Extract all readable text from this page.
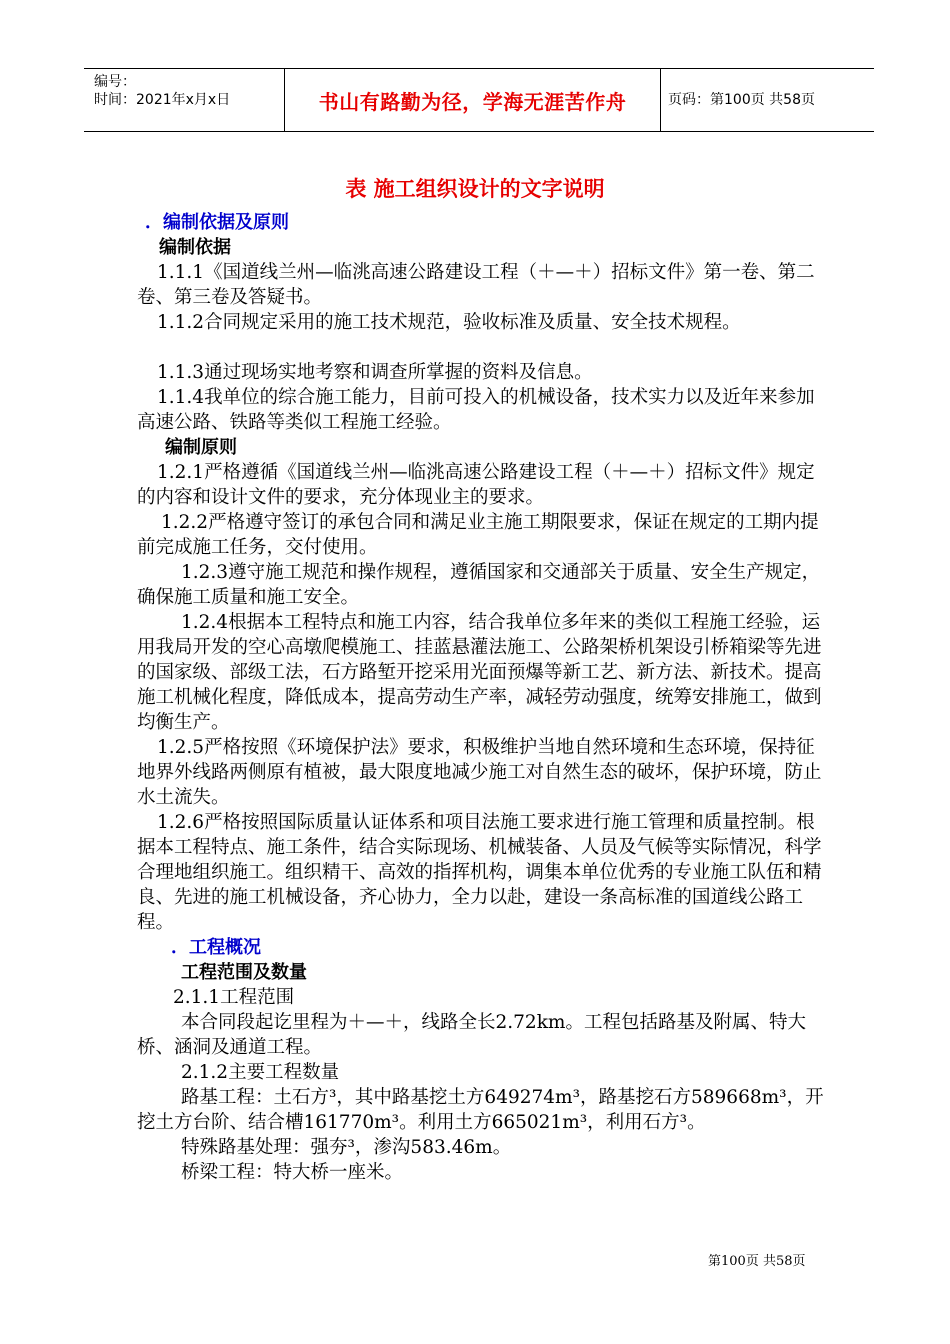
编号：
时间：2021年x月x日	书山有路勤为径，学海无涯苦作舟	页码：第100页 共58页
表 施工组织设计的文字说明
．编制依据及原则
编制依据
1.1.1《国道线兰州—临洮高速公路建设工程（＋—＋）招标文件》第一卷、第二卷、第三卷及答疑书。
1.1.2合同规定采用的施工技术规范，验收标准及质量、安全技术规程。
1.1.3通过现场实地考察和调查所掌握的资料及信息。
1.1.4我单位的综合施工能力，目前可投入的机械设备，技术实力以及近年来参加高速公路、铁路等类似工程施工经验。
编制原则
1.2.1严格遵循《国道线兰州—临洮高速公路建设工程（＋—＋）招标文件》规定的内容和设计文件的要求，充分体现业主的要求。
1.2.2严格遵守签订的承包合同和满足业主施工期限要求，保证在规定的工期内提前完成施工任务，交付使用。
1.2.3遵守施工规范和操作规程，遵循国家和交通部关于质量、安全生产规定，确保施工质量和施工安全。
1.2.4根据本工程特点和施工内容，结合我单位多年来的类似工程施工经验，运用我局开发的空心高墩爬模施工、挂蓝悬灌法施工、公路架桥机架设引桥箱梁等先进的国家级、部级工法，石方路堑开挖采用光面预爆等新工艺、新方法、新技术。提高施工机械化程度，降低成本，提高劳动生产率，减轻劳动强度，统筹安排施工，做到均衡生产。
1.2.5严格按照《环境保护法》要求，积极维护当地自然环境和生态环境，保持征地界外线路两侧原有植被，最大限度地减少施工对自然生态的破坏，保护环境，防止水土流失。
1.2.6严格按照国际质量认证体系和项目法施工要求进行施工管理和质量控制。根据本工程特点、施工条件，结合实际现场、机械装备、人员及气候等实际情况，科学合理地组织施工。组织精干、高效的指挥机构，调集本单位优秀的专业施工队伍和精良、先进的施工机械设备，齐心协力，全力以赴，建设一条高标准的国道线公路工程。
．工程概况
工程范围及数量
2.1.1工程范围
本合同段起讫里程为＋—＋，线路全长2.72km。工程包括路基及附属、特大桥、涵洞及通道工程。
2.1.2主要工程数量
路基工程：土石方³，其中路基挖土方649274m³，路基挖石方589668m³，开挖土方台阶、结合槽161770m³。利用土方665021m³，利用石方³。
特殊路基处理：强夯³，渗沟583.46m。
桥梁工程：特大桥一座米。
第100页 共58页
